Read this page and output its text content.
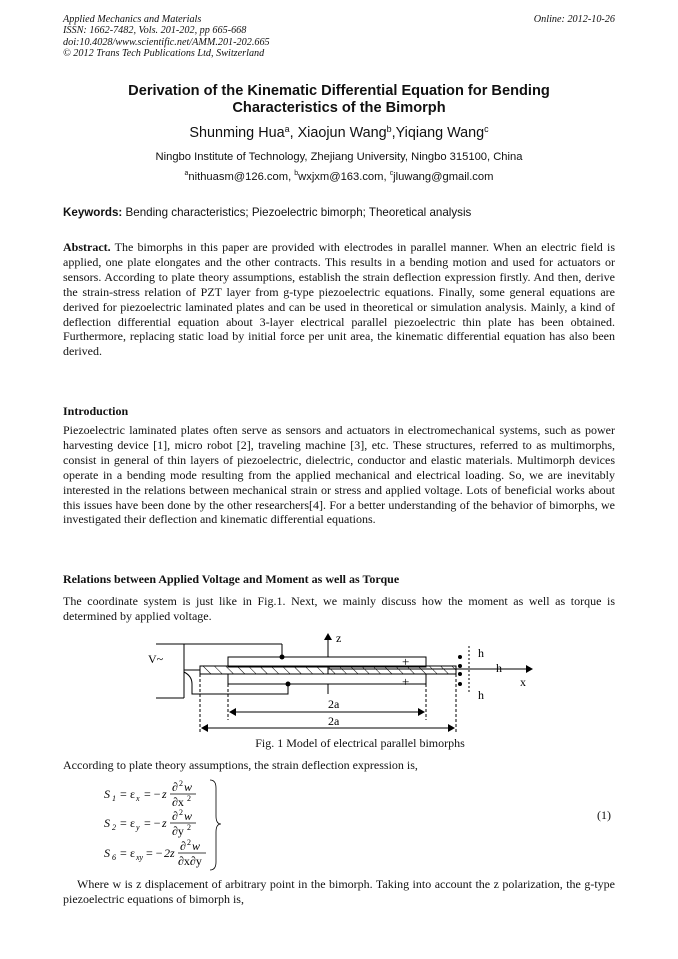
Applied Mechanics and Materials
ISSN: 1662-7482, Vols. 201-202, pp 665-668
doi:10.4028/www.scientific.net/AMM.201-202.665
© 2012 Trans Tech Publications Ltd, Switzerland
Online: 2012-10-26
Derivation of the Kinematic Differential Equation for Bending
Characteristics of the Bimorph
Shunming Hua$^a$, Xiaojun Wang$^b$,Yiqiang Wang$^c$
Ningbo Institute of Technology, Zhejiang University, Ningbo 315100, China
$^a$nithuasm@126.com, $^b$wxjxm@163.com, $^c$jluwang@gmail.com
Keywords: Bending characteristics; Piezoelectric bimorph; Theoretical analysis
Abstract. The bimorphs in this paper are provided with electrodes in parallel manner. When an electric field is applied, one plate elongates and the other contracts. This results in a bending motion and used for actuators or sensors. According to plate theory assumptions, establish the strain deflection expression firstly. And then, derive the strain-stress relation of PZT layer from g-type piezoelectric equations. Finally, some general equations are derived for piezoelectric laminated plates and can be used in theoretical or simulation analysis. Mainly, a kind of deflection differential equation about 3-layer electrical parallel piezoelectric thin plate has been obtained. Furthermore, replacing static load by initial force per unit area, the kinematic differential equation has also been derived.
Introduction
Piezoelectric laminated plates often serve as sensors and actuators in electromechanical systems, such as power harvesting device [1], micro robot [2], traveling machine [3], etc. These structures, referred to as multimorphs, consist in general of thin layers of piezoelectric, dielectric, conductor and elastic materials. Multimorph devices operate in a bending mode resulting from the applied mechanical and electrical loading. So, we are inevitably interested in the relations between mechanical strain or stress and applied voltage. Lots of beneficial works about this issues have been done by the other researchers[4]. For a better understanding of the behavior of bimorphs, we investigated their deflection and kinematic differential equations.
Relations between Applied Voltage and Moment as well as Torque
The coordinate system is just like in Fig.1. Next, we mainly discuss how the moment as well as torque is determined by applied voltage.
z
x
+
+
V~	h
h
h
2a
2a
Fig. 1 Model of electrical parallel bimorphs
According to plate theory assumptions, the strain deflection expression is,
S 1 = ε x = − z ∂ 2 w
∂x 2
S 2 = ε y = − z ∂ 2 w
∂y 2
S 6 = ε xy = − 2z ∂ 2 w
∂x∂y
(1)
Where w is z displacement of arbitrary point in the bimorph. Taking into account the z polarization, the g-type piezoelectric equations of bimorph is,
